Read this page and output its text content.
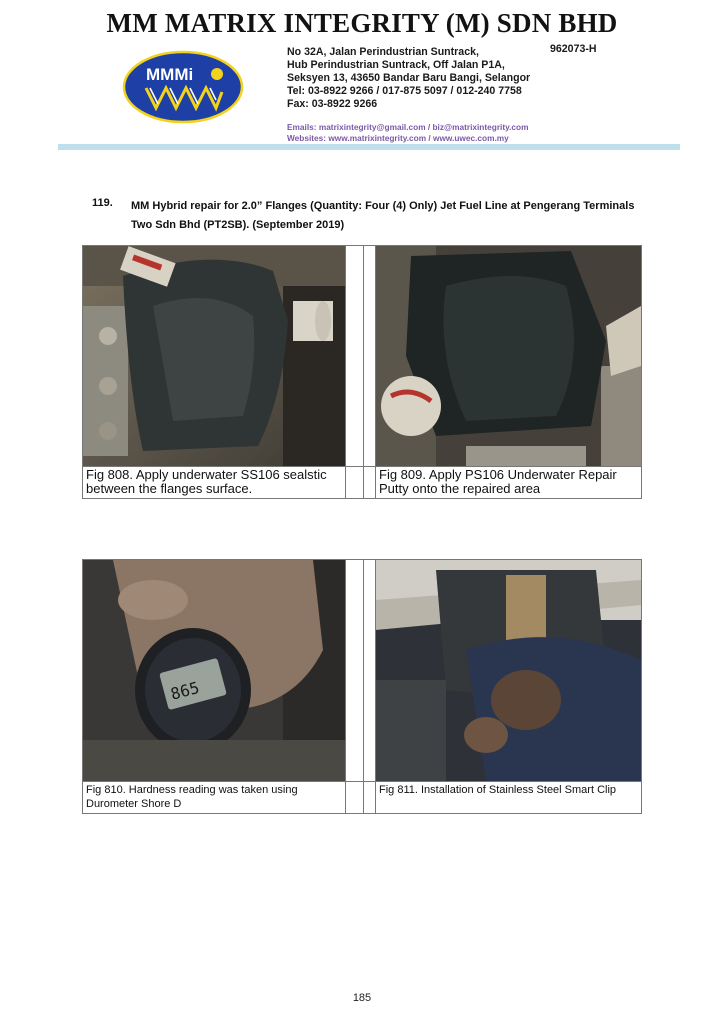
MM MATRIX INTEGRITY (M) SDN BHD
MMMi
962073-H
No 32A, Jalan Perindustrian Suntrack,
Hub Perindustrian Suntrack, Off Jalan P1A,
Seksyen 13, 43650 Bandar Baru Bangi, Selangor
Tel: 03-8922 9266 / 017-875 5097 / 012-240 7758
Fax: 03-8922 9266
Emails: matrixintegrity@gmail.com / biz@matrixintegrity.com
Websites: www.matrixintegrity.com / www.uwec.com.my
119. MM Hybrid repair for 2.0” Flanges (Quantity: Four (4) Only) Jet Fuel Line at Pengerang Terminals Two Sdn Bhd (PT2SB). (September 2019)

Fig 808. Apply underwater SS106 sealstic between the flanges surface.			Fig 809. Apply PS106 Underwater Repair Putty onto the repaired area
865

Fig 810. Hardness reading was taken using Durometer Shore D			Fig 811. Installation of Stainless Steel Smart Clip
185
